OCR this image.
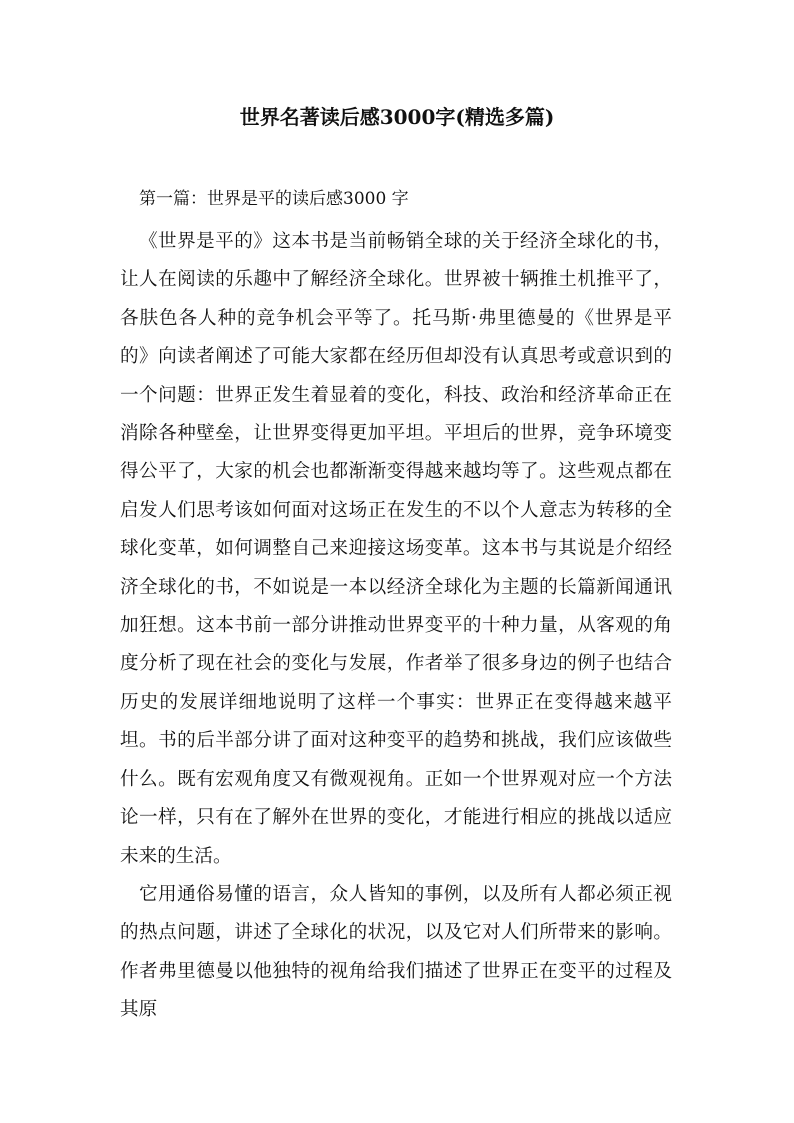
世界名著读后感3000字(精选多篇)
第一篇：世界是平的读后感3000 字

《世界是平的》这本书是当前畅销全球的关于经济全球化的书，让人在阅读的乐趣中了解经济全球化。世界被十辆推土机推平了，各肤色各人种的竞争机会平等了。托马斯·弗里德曼的《世界是平的》向读者阐述了可能大家都在经历但却没有认真思考或意识到的一个问题：世界正发生着显着的变化，科技、政治和经济革命正在消除各种壁垒，让世界变得更加平坦。平坦后的世界，竞争环境变得公平了，大家的机会也都渐渐变得越来越均等了。这些观点都在启发人们思考该如何面对这场正在发生的不以个人意志为转移的全球化变革，如何调整自己来迎接这场变革。这本书与其说是介绍经济全球化的书，不如说是一本以经济全球化为主题的长篇新闻通讯加狂想。这本书前一部分讲推动世界变平的十种力量，从客观的角度分析了现在社会的变化与发展，作者举了很多身边的例子也结合历史的发展详细地说明了这样一个事实：世界正在变得越来越平坦。书的后半部分讲了面对这种变平的趋势和挑战，我们应该做些什么。既有宏观角度又有微观视角。正如一个世界观对应一个方法论一样，只有在了解外在世界的变化，才能进行相应的挑战以适应未来的生活。

它用通俗易懂的语言，众人皆知的事例，以及所有人都必须正视的热点问题，讲述了全球化的状况，以及它对人们所带来的影响。作者弗里德曼以他独特的视角给我们描述了世界正在变平的过程及其原
